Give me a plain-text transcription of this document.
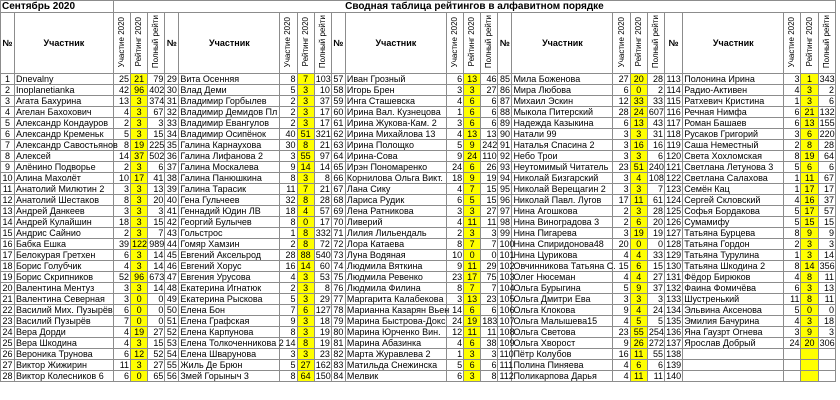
Сентябрь 2020		Сводная таблица рейтингов в алфавитном порядке																						
№	Участник	Участие 2020	Рейтинг 2020	Полный рейти	№	Участник	Участие 2020	Рейтинг 2020	Полный рейти	№	Участник	Участие 2020	Рейтинг 2020	Полный рейти	№	Участник	Участие 2020	Рейтинг 2020	Полный рейти	№	Участник	Участие 2020	Рейтинг 2020	Полный рейти
1	Dnevalny	25	21	79	29	Вита Осенняя	8	7	103	57	Иван Грозный	6	13	46	85	Мила Боженова	27	20	28	113	Полонина Ирина	3	1	343
2	Inoplanetianka	42	96	402	30	Влад Деми	5	3	10	58	Игорь Брен	3	3	27	86	Мира Любова	6	0	2	114	Радио-Активен	4	3	2
3	Агата Бахурина	13	3	374	31	Владимир Горбылев	2	3	37	59	Инга Сташевска	4	6	6	87	Михаил Эскин	12	33	33	115	Ратхевич Кристина	1	3	6
4	Агелан Бахохович	4	3	67	32	Владимир Демидов Пл	2	3	17	60	Ирина Вал. Кузнецова	1	6	6	88	Мыкола Питерский	28	24	607	116	Речная Нимфа	6	21	132
5	Александр Кондауров	2	3	3	33	Владимир Евангулов	2	3	17	61	Ирина Жукова-Кам. 2	3	6	6	89	Надежда Казыкина	6	13	43	117	Роман Башаев	6	13	155
6	Александр Кременьк	5	3	15	34	Владимир Осипёнок	40	51	321	62	Ирина Михайлова 13	4	13	13	90	Натали 99	3	3	31	118	Русаков Григорий	3	6	220
7	Александр Савостьянов	8	19	225	35	Галина Карнаухова	30	8	21	63	Ирина Полощко	5	9	242	91	Наталья Спасина 2	3	16	16	119	Саша Неместный	2	8	28
8	Алексей	14	37	502	36	Галина Лифанова 2	3	55	97	64	Ирина-Сова	9	24	110	92	Небо Трои	3	3	6	120	Света Хохломская	8	19	64
9	Алёнино Подворье	2	3	6	37	Галина Москалева	9	14	14	65	Ирэн Пономаренко	24	6	26	93	Неутомимый Читатель	23	51	240	121	Светлана Летунова 3	5	6	6
10	Алина Махолёт	10	17	41	38	Галина Панюшкина	8	3	8	66	Корнилова Ольга Викт.	18	9	19	94	Николай Бизгарский	3	4	108	122	Светлана Салахова	1	11	67
11	Анатолий Милютин 2	3	3	13	39	Галина Тарасик	11	7	21	67	Лана Сику	4	7	15	95	Николай Верещагин 2	3	3	7	123	Семён Кац	1	17	17
12	Анатолий Шестаков	8	3	20	40	Гена Гульчеев	32	8	28	68	Лариса Рудик	6	5	15	96	Николай Павл. Лугов	17	11	61	124	Сергей Скловский	4	16	37
13	Андрей Данкеев	3	3	3	41	Геннадий Юдин ЛВ	18	4	57	69	Лена Ратникова	3	3	27	97	Нина Агошкова	2	3	28	125	Софья Бордакова	5	17	57
14	Андрей Кулайшин	18	3	15	42	Георгий Булычев	8	0	17	70	Ливерий	4	11	11	98	Нина Виноградова 3	2	6	20	126	Сумамифу	5	15	15
15	Андрис Сайнио	2	3	7	43	Гольстрос	1	8	332	71	Лилия Лильендаль	2	3	3	99	Нина Пигарева	3	19	19	127	Татьяна Бурцева	8	9	9
16	Бабка Ешка	39	122	989	44	Гомяр Хамзин	2	8	72	72	Лора Катаева	8	7	7	100	Нина Спиридонова48	20	0	0	128	Татьяна Гордон	2	3	3
17	Белокурая Гретхен	6	3	14	45	Евгений Аксельрод	28	88	540	73	Луна Водяная	10	0	0	101	Нина Цурикова	4	4	33	129	Татьяна Турулина	1	3	14
18	Борис Голубчик	4	3	14	46	Евгений Хорус	16	14	60	74	Людмила Вяткина	9	11	29	102	Овчинникова Татьяна С.	15	6	15	130	Татьяна Шкодина 2	8	14	356
19	Борис Скрипников	52	96	673	47	Евгения Урусова	4	3	53	75	Людмила Ревенко	23	17	75	103	Олег Нюсеман	4	4	27	131	Фёдор Бирюков	4	8	11
20	Валентина Ментуз	3	3	14	48	Екатерина Игнатюк	2	3	8	76	Людмила Филина	8	7	7	104	Ольга Бурыгина	5	9	37	132	Фаина Фомичёва	6	3	13
21	Валентина Северная	3	0	0	49	Екатерина Рыскова	5	3	29	77	Маргарита Калабекова	3	13	23	105	Ольга Дмитри Ева	3	3	3	133	Шустренький	11	8	11
22	Василий Мих. Пузырёв	6	0	0	50	Елена Бон	7	6	127	78	Марианна Казарян Вьен	14	6	6	106	Ольга Клокова	9	4	24	134	Эльвина Аксенова	5	0	0
23	Василий Пузырёв	7	0	0	51	Елена Графская	9	3	18	79	Марина Быстрова-Докс	24	19	183	107	Ольга Малышева15	4	5	5	135	Эмилия Бачурина	4	3	18
24	Вера Дорди	4	19	27	52	Елена Карпунова	8	3	19	80	Марина Юрченко Вин.	12	11	11	108	Ольга Светова	23	55	254	136	Яна Гаузрт Огнева	3	9	3
25	Вера Шкодина	4	3	15	53	Елена Толкоченникова 2	14	8	19	81	Марина Абазинка	4	6	38	109	Ольга Хворост	9	26	272	137	Ярослав Добрый	24	20	306
26	Вероника Трунова	6	12	52	54	Елена Шварунова	3	3	23	82	Марта Журавлева 2	1	3	3	110	Пётр Колубов	16	11	55	138				
27	Виктор Жижирин	11	3	27	55	Жиль Де Брюн	5	27	162	83	Матильда Снежинска	5	6	6	111	Полина Пиняева	4	6	6	139				
28	Виктор Колесников 6	6	0	65	56	Змей Горыныч 3	8	64	150	84	Мелвик	6	3	8	112	Поликарпова Дарья	4	11	11	140				
